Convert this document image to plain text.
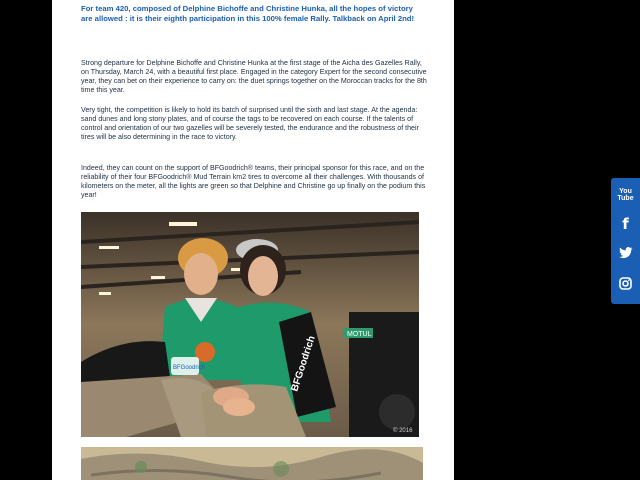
For team 420, composed of Delphine Bichoffe and Christine Hunka, all the hopes of victory are allowed : it is their eighth participation in this 100% female Rally. Talkback on April 2nd!

Strong departure for Delphine Bichoffe and Christine Hunka at the first stage of the Aicha des Gazelles Rally, on Thursday, March 24, with a beautiful first place. Engaged in the category Expert for the second consecutive year, they can bet on their experience to carry on: the duet springs together on the Moroccan tracks for the 8th time this year.

Very tight, the competition is likely to hold its batch of surprised until the sixth and last stage. At the agenda: sand dunes and long stony plates, and of course the tags to be recovered on each course. If the talents of control and orientation of our two gazelles will be severely tested, the endurance and the robustness of their tires will be also determining in the race to victory.

Indeed, they can count on the support of BFGoodrich® teams, their principal sponsor for this race, and on the reliability of their four BFGoodrich® Mud Terrain km2 tires to overcome all their challenges. With thousands of kilometers on the meter, all the lights are green so that Delphine and Christine go up finally on the podium this year!

MOTUL
BFGoodrich
BFGoodrich
© 2016
You
Tube
f
